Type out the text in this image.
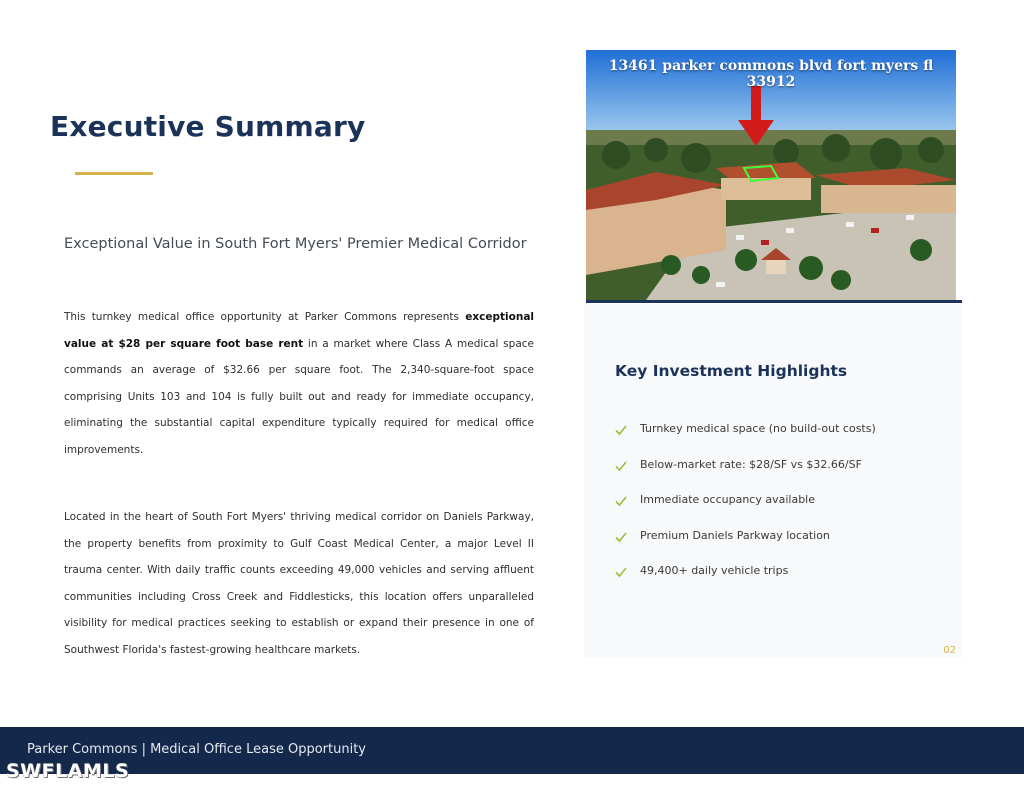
Executive Summary
Exceptional Value in South Fort Myers' Premier Medical Corridor
This turnkey medical office opportunity at Parker Commons represents exceptional value at $28 per square foot base rent in a market where Class A medical space commands an average of $32.66 per square foot. The 2,340-square-foot space comprising Units 103 and 104 is fully built out and ready for immediate occupancy, eliminating the substantial capital expenditure typically required for medical office improvements.
Located in the heart of South Fort Myers' thriving medical corridor on Daniels Parkway, the property benefits from proximity to Gulf Coast Medical Center, a major Level II trauma center. With daily traffic counts exceeding 49,000 vehicles and serving affluent communities including Cross Creek and Fiddlesticks, this location offers unparalleled visibility for medical practices seeking to establish or expand their presence in one of Southwest Florida's fastest-growing healthcare markets.
13461 parker commons blvd fort myers fl 33912
Key Investment Highlights
Turnkey medical space (no build-out costs)
Below-market rate: $28/SF vs $32.66/SF
Immediate occupancy available
Premium Daniels Parkway location
49,400+ daily vehicle trips
02
Parker Commons | Medical Office Lease Opportunity
SWFLAMLS
